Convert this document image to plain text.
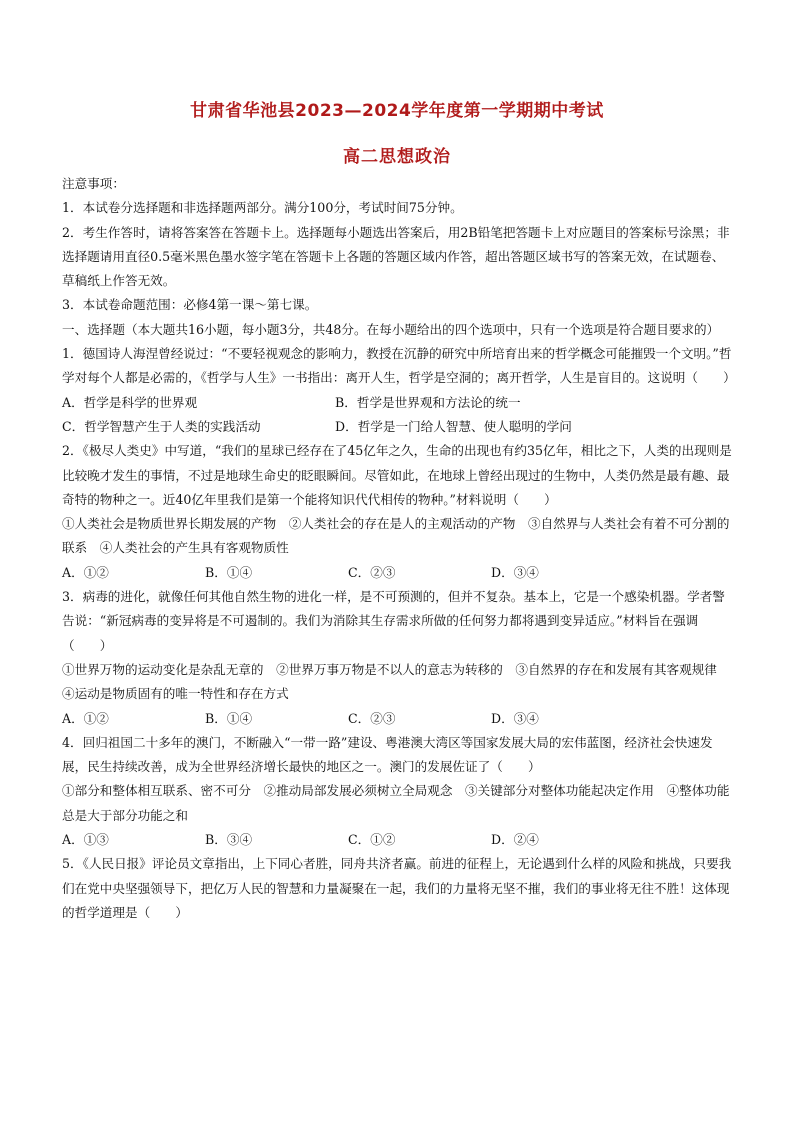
甘肃省华池县2023—2024学年度第一学期期中考试
高二思想政治

注意事项：

1．本试卷分选择题和非选择题两部分。满分100分，考试时间75分钟。

2．考生作答时，请将答案答在答题卡上。选择题每小题选出答案后，用2B铅笔把答题卡上对应题目的答案标号涂黑；非选择题请用直径0.5毫米黑色墨水签字笔在答题卡上各题的答题区域内作答，超出答题区域书写的答案无效，在试题卷、草稿纸上作答无效。

3．本试卷命题范围：必修4第一课～第七课。

一、选择题（本大题共16小题，每小题3分，共48分。在每小题给出的四个选项中，只有一个选项是符合题目要求的）

1．德国诗人海涅曾经说过：“不要轻视观念的影响力，教授在沉静的研究中所培育出来的哲学概念可能摧毁一个文明。”哲学对每个人都是必需的，《哲学与人生》一书指出：离开人生，哲学是空洞的；离开哲学，人生是盲目的。这说明（　　）

A．哲学是科学的世界观	B．哲学是世界观和方法论的统一
C．哲学智慧产生于人类的实践活动	D．哲学是一门给人智慧、使人聪明的学问

2．《极尽人类史》中写道，“我们的星球已经存在了45亿年之久，生命的出现也有约35亿年，相比之下，人类的出现则是比较晚才发生的事情，不过是地球生命史的眨眼瞬间。尽管如此，在地球上曾经出现过的生物中，人类仍然是最有趣、最奇特的物种之一。近40亿年里我们是第一个能将知识代代相传的物种。”材料说明（　　）

①人类社会是物质世界长期发展的产物　②人类社会的存在是人的主观活动的产物　③自然界与人类社会有着不可分割的联系　④人类社会的产生具有客观物质性

A．①②	B．①④	C．②③	D．③④

3．病毒的进化，就像任何其他自然生物的进化一样，是不可预测的，但并不复杂。基本上，它是一个感染机器。学者警告说：“新冠病毒的变异将是不可遏制的。我们为消除其生存需求所做的任何努力都将遇到变异适应。”材料旨在强调（　　）

①世界万物的运动变化是杂乱无章的　②世界万事万物是不以人的意志为转移的　③自然界的存在和发展有其客观规律　④运动是物质固有的唯一特性和存在方式

A．①②	B．①④	C．②③	D．③④

4．回归祖国二十多年的澳门，不断融入“一带一路”建设、粤港澳大湾区等国家发展大局的宏伟蓝图，经济社会快速发展，民生持续改善，成为全世界经济增长最快的地区之一。澳门的发展佐证了（　　）

①部分和整体相互联系、密不可分　②推动局部发展必须树立全局观念　③关键部分对整体功能起决定作用　④整体功能总是大于部分功能之和

A．①③	B．③④	C．①②	D．②④

5．《人民日报》评论员文章指出，上下同心者胜，同舟共济者赢。前进的征程上，无论遇到什么样的风险和挑战，只要我们在党中央坚强领导下，把亿万人民的智慧和力量凝聚在一起，我们的力量将无坚不摧，我们的事业将无往不胜！这体现的哲学道理是（　　）
